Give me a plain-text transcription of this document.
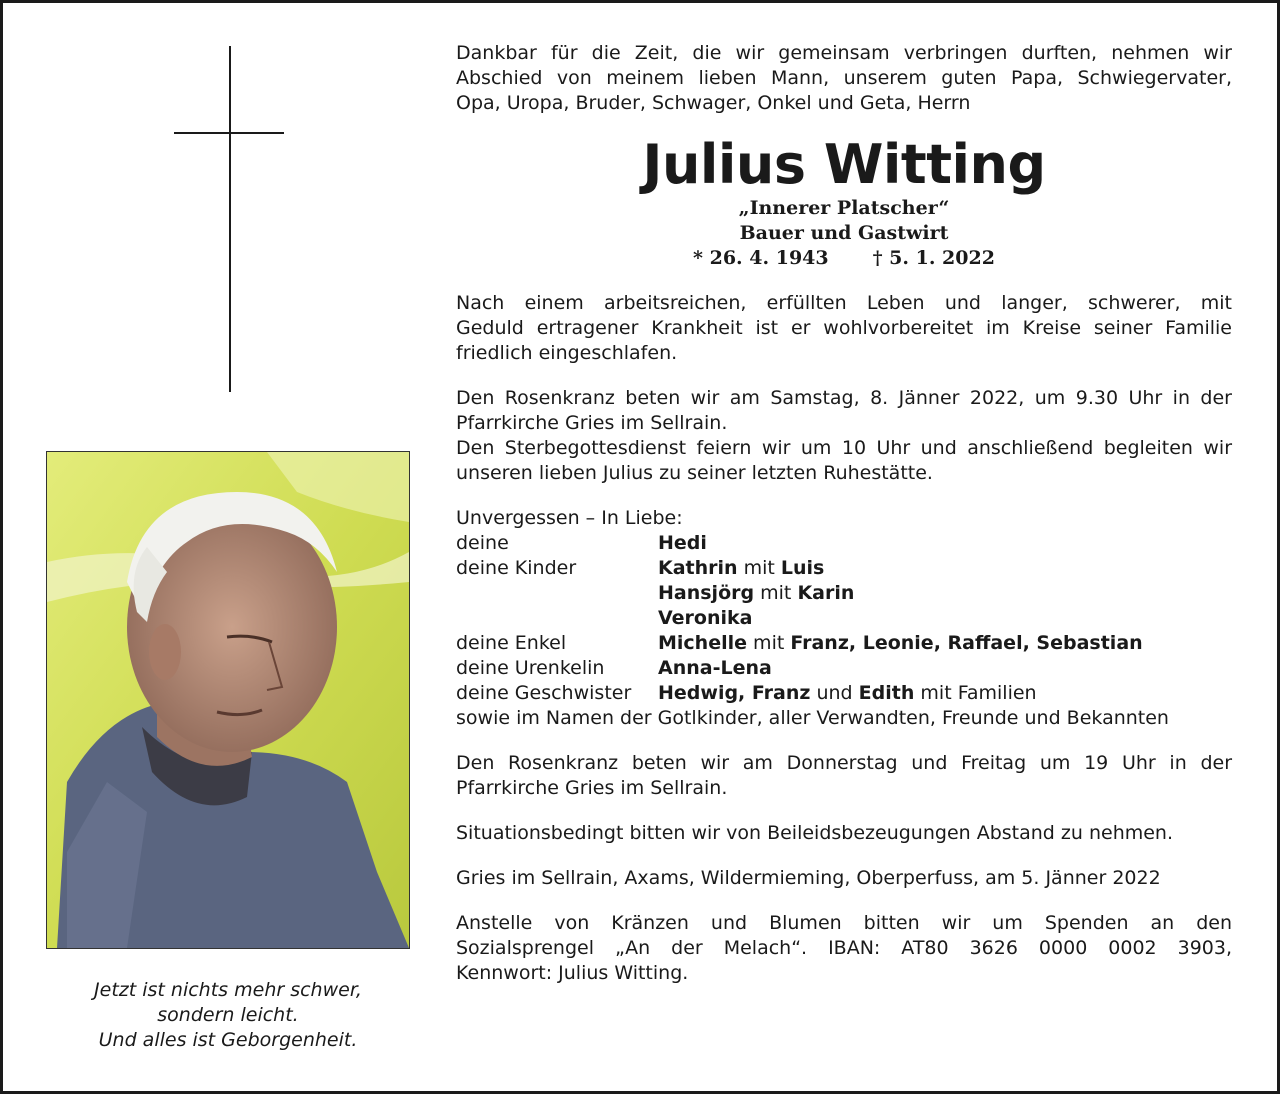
Jetzt ist nichts mehr schwer,
sondern leicht.
Und alles ist Geborgenheit.
Dankbar für die Zeit, die wir gemeinsam verbringen durften, nehmen wir
Abschied von meinem lieben Mann, unserem guten Papa, Schwiegervater,
Opa, Uropa, Bruder, Schwager, Onkel und Geta, Herrn
Julius Witting
„Innerer Platscher“
Bauer und Gastwirt
* 26. 4. 1943 † 5. 1. 2022
Nach einem arbeitsreichen, erfüllten Leben und langer, schwerer, mit
Geduld ertragener Krankheit ist er wohlvorbereitet im Kreise seiner Familie
friedlich eingeschlafen.
Den Rosenkranz beten wir am Samstag, 8. Jänner 2022, um 9.30 Uhr in der
Pfarrkirche Gries im Sellrain.
Den Sterbegottesdienst feiern wir um 10 Uhr und anschließend begleiten wir
unseren lieben Julius zu seiner letzten Ruhestätte.
Unvergessen – In Liebe:
deine	Hedi
deine Kinder	Kathrin mit Luis
Hansjörg mit Karin
Veronika
deine Enkel	Michelle mit Franz, Leonie, Raffael, Sebastian
deine Urenkelin	Anna-Lena
deine Geschwister	Hedwig, Franz und Edith mit Familien
sowie im Namen der Gotlkinder, aller Verwandten, Freunde und Bekannten
Den Rosenkranz beten wir am Donnerstag und Freitag um 19 Uhr in der
Pfarrkirche Gries im Sellrain.
Situationsbedingt bitten wir von Beileidsbezeugungen Abstand zu nehmen.
Gries im Sellrain, Axams, Wildermieming, Oberperfuss, am 5. Jänner 2022
Anstelle von Kränzen und Blumen bitten wir um Spenden an den
Sozialsprengel „An der Melach“. IBAN: AT80 3626 0000 0002 3903,
Kennwort: Julius Witting.
